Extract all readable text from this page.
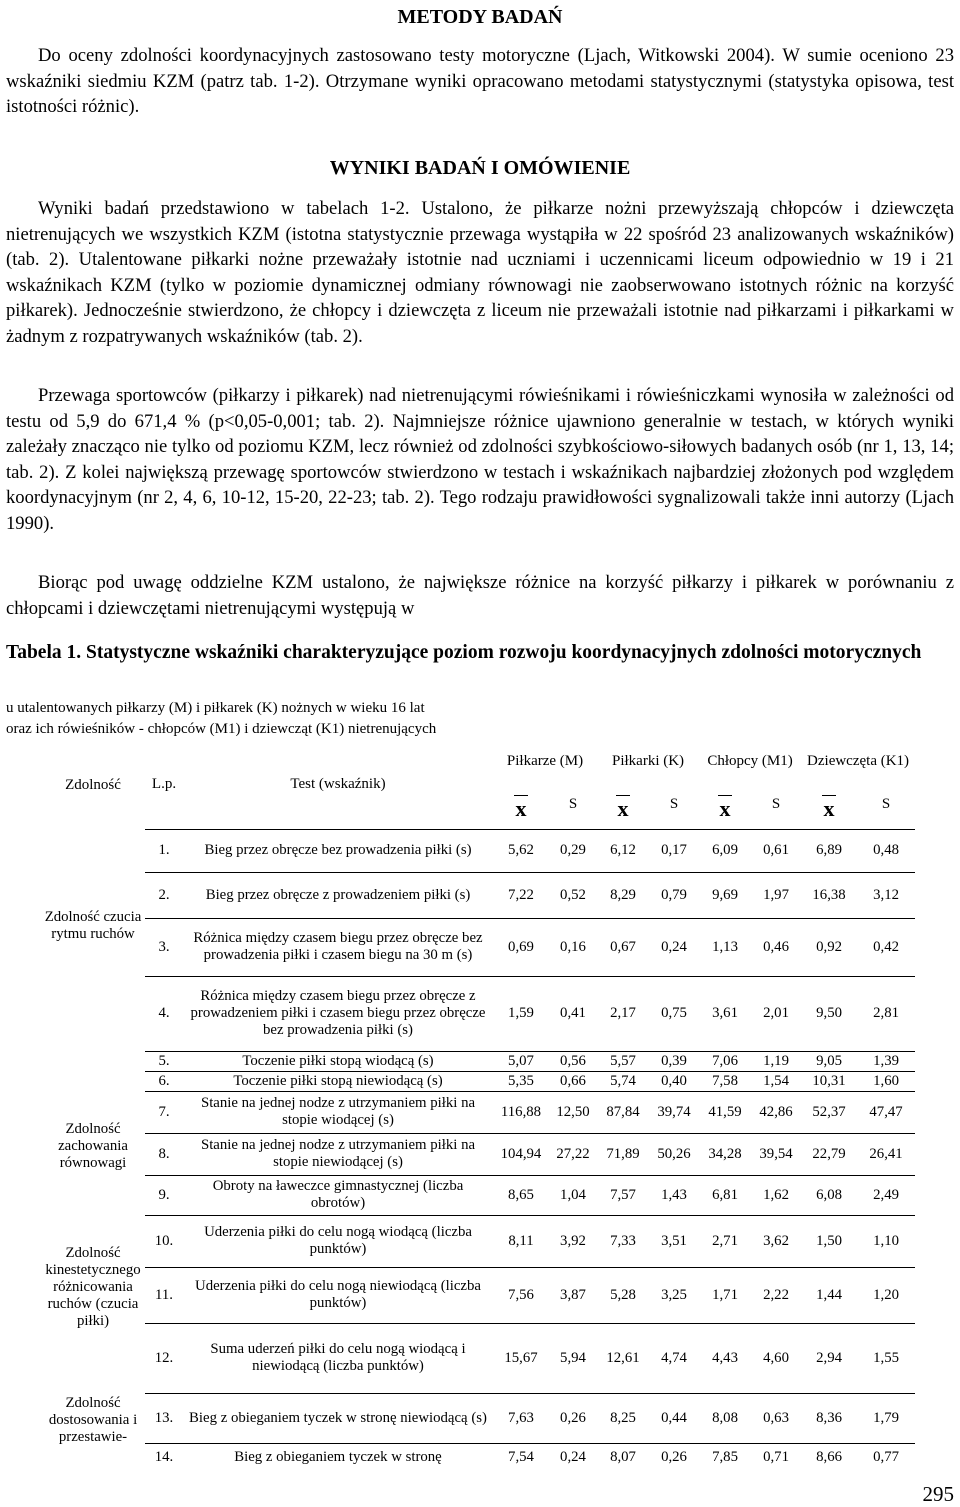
METODY BADAŃ

Do oceny zdolności koordynacyjnych zastosowano testy motoryczne (Ljach, Witkowski 2004). W sumie oceniono 23 wskaźniki siedmiu KZM (patrz tab. 1-2). Otrzymane wyniki opracowano metodami statystycznymi (statystyka opisowa, test istotności różnic).

WYNIKI BADAŃ I OMÓWIENIE

Wyniki badań przedstawiono w tabelach 1-2. Ustalono, że piłkarze nożni przewyższają chłopców i dziewczęta nietrenujących we wszystkich KZM (istotna statystycznie przewaga wystąpiła w 22 spośród 23 analizowanych wskaźników) (tab. 2). Utalentowane piłkarki nożne przeważały istotnie nad uczniami i uczennicami liceum odpowiednio w 19 i 21 wskaźnikach KZM (tylko w poziomie dynamicznej odmiany równowagi nie zaobserwowano istotnych różnic na korzyść piłkarek). Jednocześnie stwierdzono, że chłopcy i dziewczęta z liceum nie przeważali istotnie nad piłkarzami i piłkarkami w żadnym z rozpatrywanych wskaźników (tab. 2).

Przewaga sportowców (piłkarzy i piłkarek) nad nietrenującymi rówieśnikami i rówieśniczkami wynosiła w zależności od testu od 5,9 do 671,4 % (p<0,05-0,001; tab. 2). Najmniejsze różnice ujawniono generalnie w testach, w których wyniki zależały znacząco nie tylko od poziomu KZM, lecz również od zdolności szybkościowo-siłowych badanych osób (nr 1, 13, 14; tab. 2). Z kolei największą przewagę sportowców stwierdzono w testach i wskaźnikach najbardziej złożonych pod względem koordynacyjnym (nr 2, 4, 6, 10-12, 15-20, 22-23; tab. 2). Tego rodzaju prawidłowości sygnalizowali także inni autorzy (Ljach 1990).

Biorąc pod uwagę oddzielne KZM ustalono, że największe różnice na korzyść piłkarzy i piłkarek w porównaniu z chłopcami i dziewczętami nietrenującymi występują w

Tabela 1. Statystyczne wskaźniki charakteryzujące poziom rozwoju koordynacyjnych zdolności motorycznych

u utalentowanych piłkarzy (M) i piłkarek (K) nożnych w wieku 16 lat

oraz ich rówieśników - chłopców (M1) i dziewcząt (K1) nietrenujących

Zdolność	L.p.	Test (wskaźnik)	Piłkarze (M)		Piłkarki (K)		Chłopcy (M1)		Dziewczęta (K1)	

x	S	x	S	x	S	x	S
Zdolność czucia rytmu ruchów	1.	Bieg przez obręcze bez prowadzenia piłki (s)	5,62	0,29	6,12	0,17	6,09	0,61	6,89	0,48
	2.	Bieg przez obręcze z prowadzeniem piłki (s)	7,22	0,52	8,29	0,79	9,69	1,97	16,38	3,12
	3.	Różnica między czasem biegu przez obręcze bez prowadzenia piłki i czasem biegu na 30 m (s)	0,69	0,16	0,67	0,24	1,13	0,46	0,92	0,42
	4.	Różnica między czasem biegu przez obręcze z prowadzeniem piłki i czasem biegu przez obręcze bez prowadzenia piłki (s)	1,59	0,41	2,17	0,75	3,61	2,01	9,50	2,81
	5.	Toczenie piłki stopą wiodącą (s)	5,07	0,56	5,57	0,39	7,06	1,19	9,05	1,39
	6.	Toczenie piłki stopą niewiodącą (s)	5,35	0,66	5,74	0,40	7,58	1,54	10,31	1,60
Zdolność zachowania równowagi	7.	Stanie na jednej nodze z utrzymaniem piłki na stopie wiodącej (s)	116,88	12,50	87,84	39,74	41,59	42,86	52,37	47,47
	8.	Stanie na jednej nodze z utrzymaniem piłki na stopie niewiodącej (s)	104,94	27,22	71,89	50,26	34,28	39,54	22,79	26,41
	9.	Obroty na ławeczce gimnastycznej (liczba obrotów)	8,65	1,04	7,57	1,43	6,81	1,62	6,08	2,49
Zdolność kinestetycznego różnicowania ruchów (czucia piłki)	10.	Uderzenia piłki do celu nogą wiodącą (liczba punktów)	8,11	3,92	7,33	3,51	2,71	3,62	1,50	1,10
	11.	Uderzenia piłki do celu nogą niewiodącą (liczba punktów)	7,56	3,87	5,28	3,25	1,71	2,22	1,44	1,20
	12.	Suma uderzeń piłki do celu nogą wiodącą i niewiodącą (liczba punktów)	15,67	5,94	12,61	4,74	4,43	4,60	2,94	1,55
Zdolność dostosowania i przestawie-	13.	Bieg z obieganiem tyczek w stronę niewiodącą (s)	7,63	0,26	8,25	0,44	8,08	0,63	8,36	1,79
	14.	Bieg z obieganiem tyczek w stronę	7,54	0,24	8,07	0,26	7,85	0,71	8,66	0,77
295
